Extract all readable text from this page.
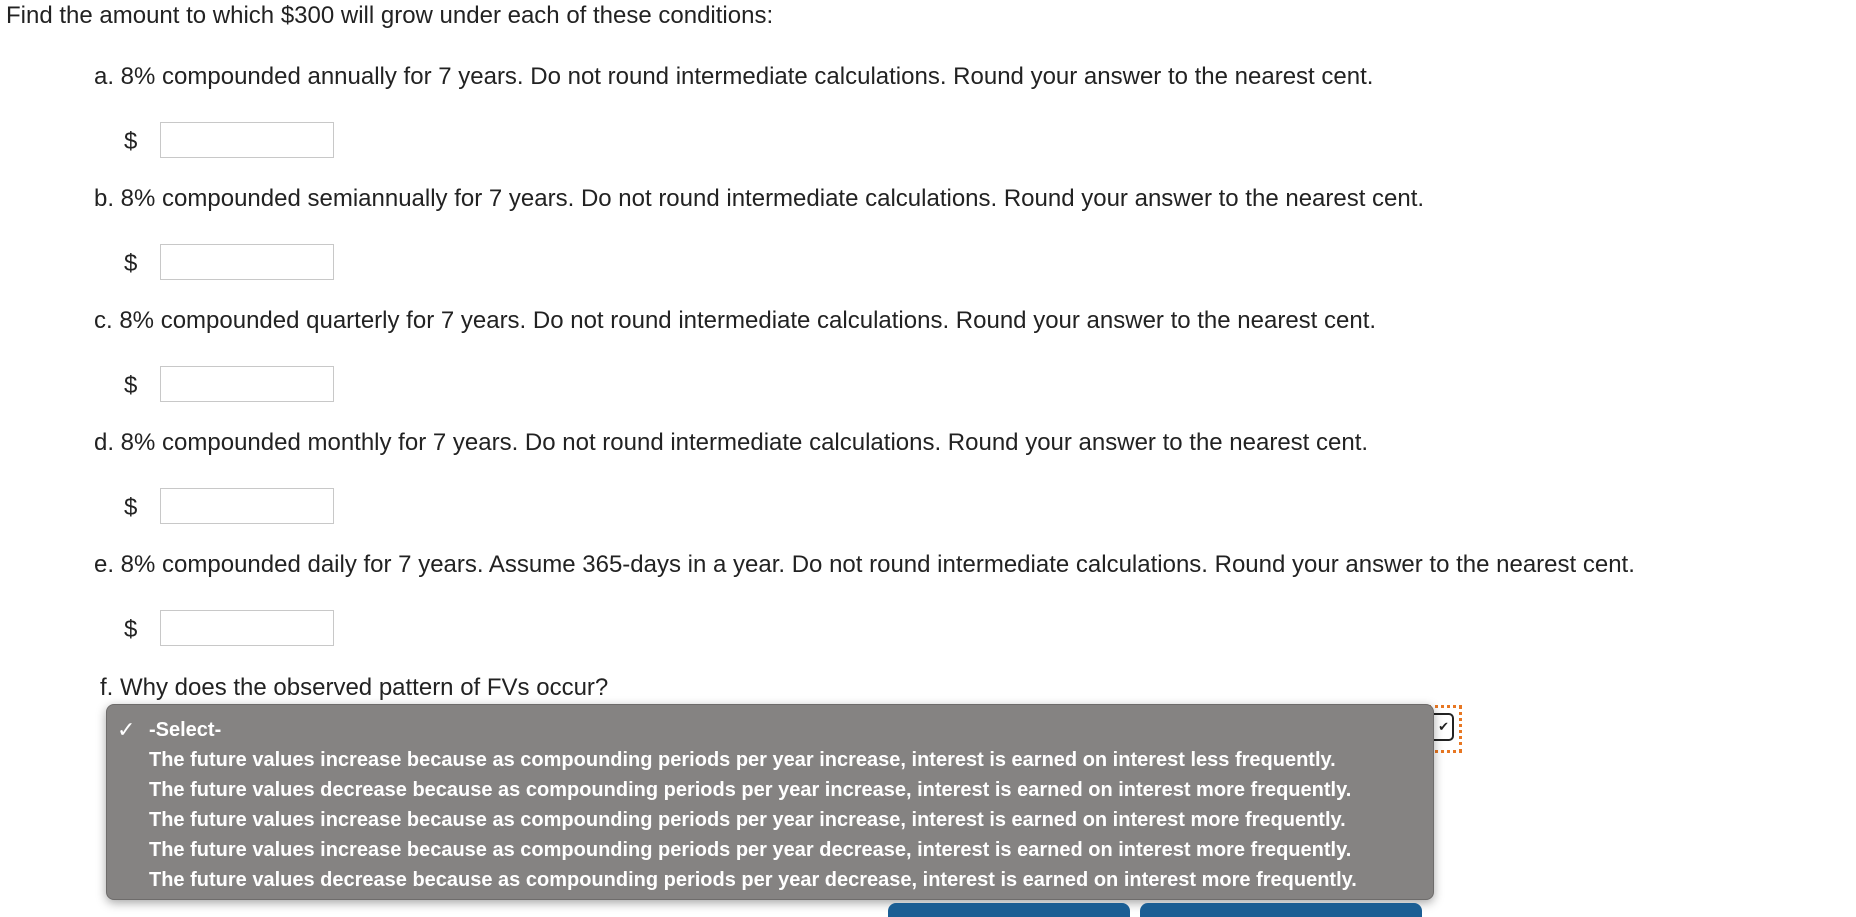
Find the amount to which $300 will grow under each of these conditions:

a. 8% compounded annually for 7 years. Do not round intermediate calculations. Round your answer to the nearest cent.

$

b. 8% compounded semiannually for 7 years. Do not round intermediate calculations. Round your answer to the nearest cent.

$

c. 8% compounded quarterly for 7 years. Do not round intermediate calculations. Round your answer to the nearest cent.

$

d. 8% compounded monthly for 7 years. Do not round intermediate calculations. Round your answer to the nearest cent.

$

e. 8% compounded daily for 7 years. Assume 365-days in a year. Do not round intermediate calculations. Round your answer to the nearest cent.

$

f. Why does the observed pattern of FVs occur?

✔
✓ -Select-
The future values increase because as compounding periods per year increase, interest is earned on interest less frequently.
The future values decrease because as compounding periods per year increase, interest is earned on interest more frequently.
The future values increase because as compounding periods per year increase, interest is earned on interest more frequently.
The future values increase because as compounding periods per year decrease, interest is earned on interest more frequently.
The future values decrease because as compounding periods per year decrease, interest is earned on interest more frequently.
